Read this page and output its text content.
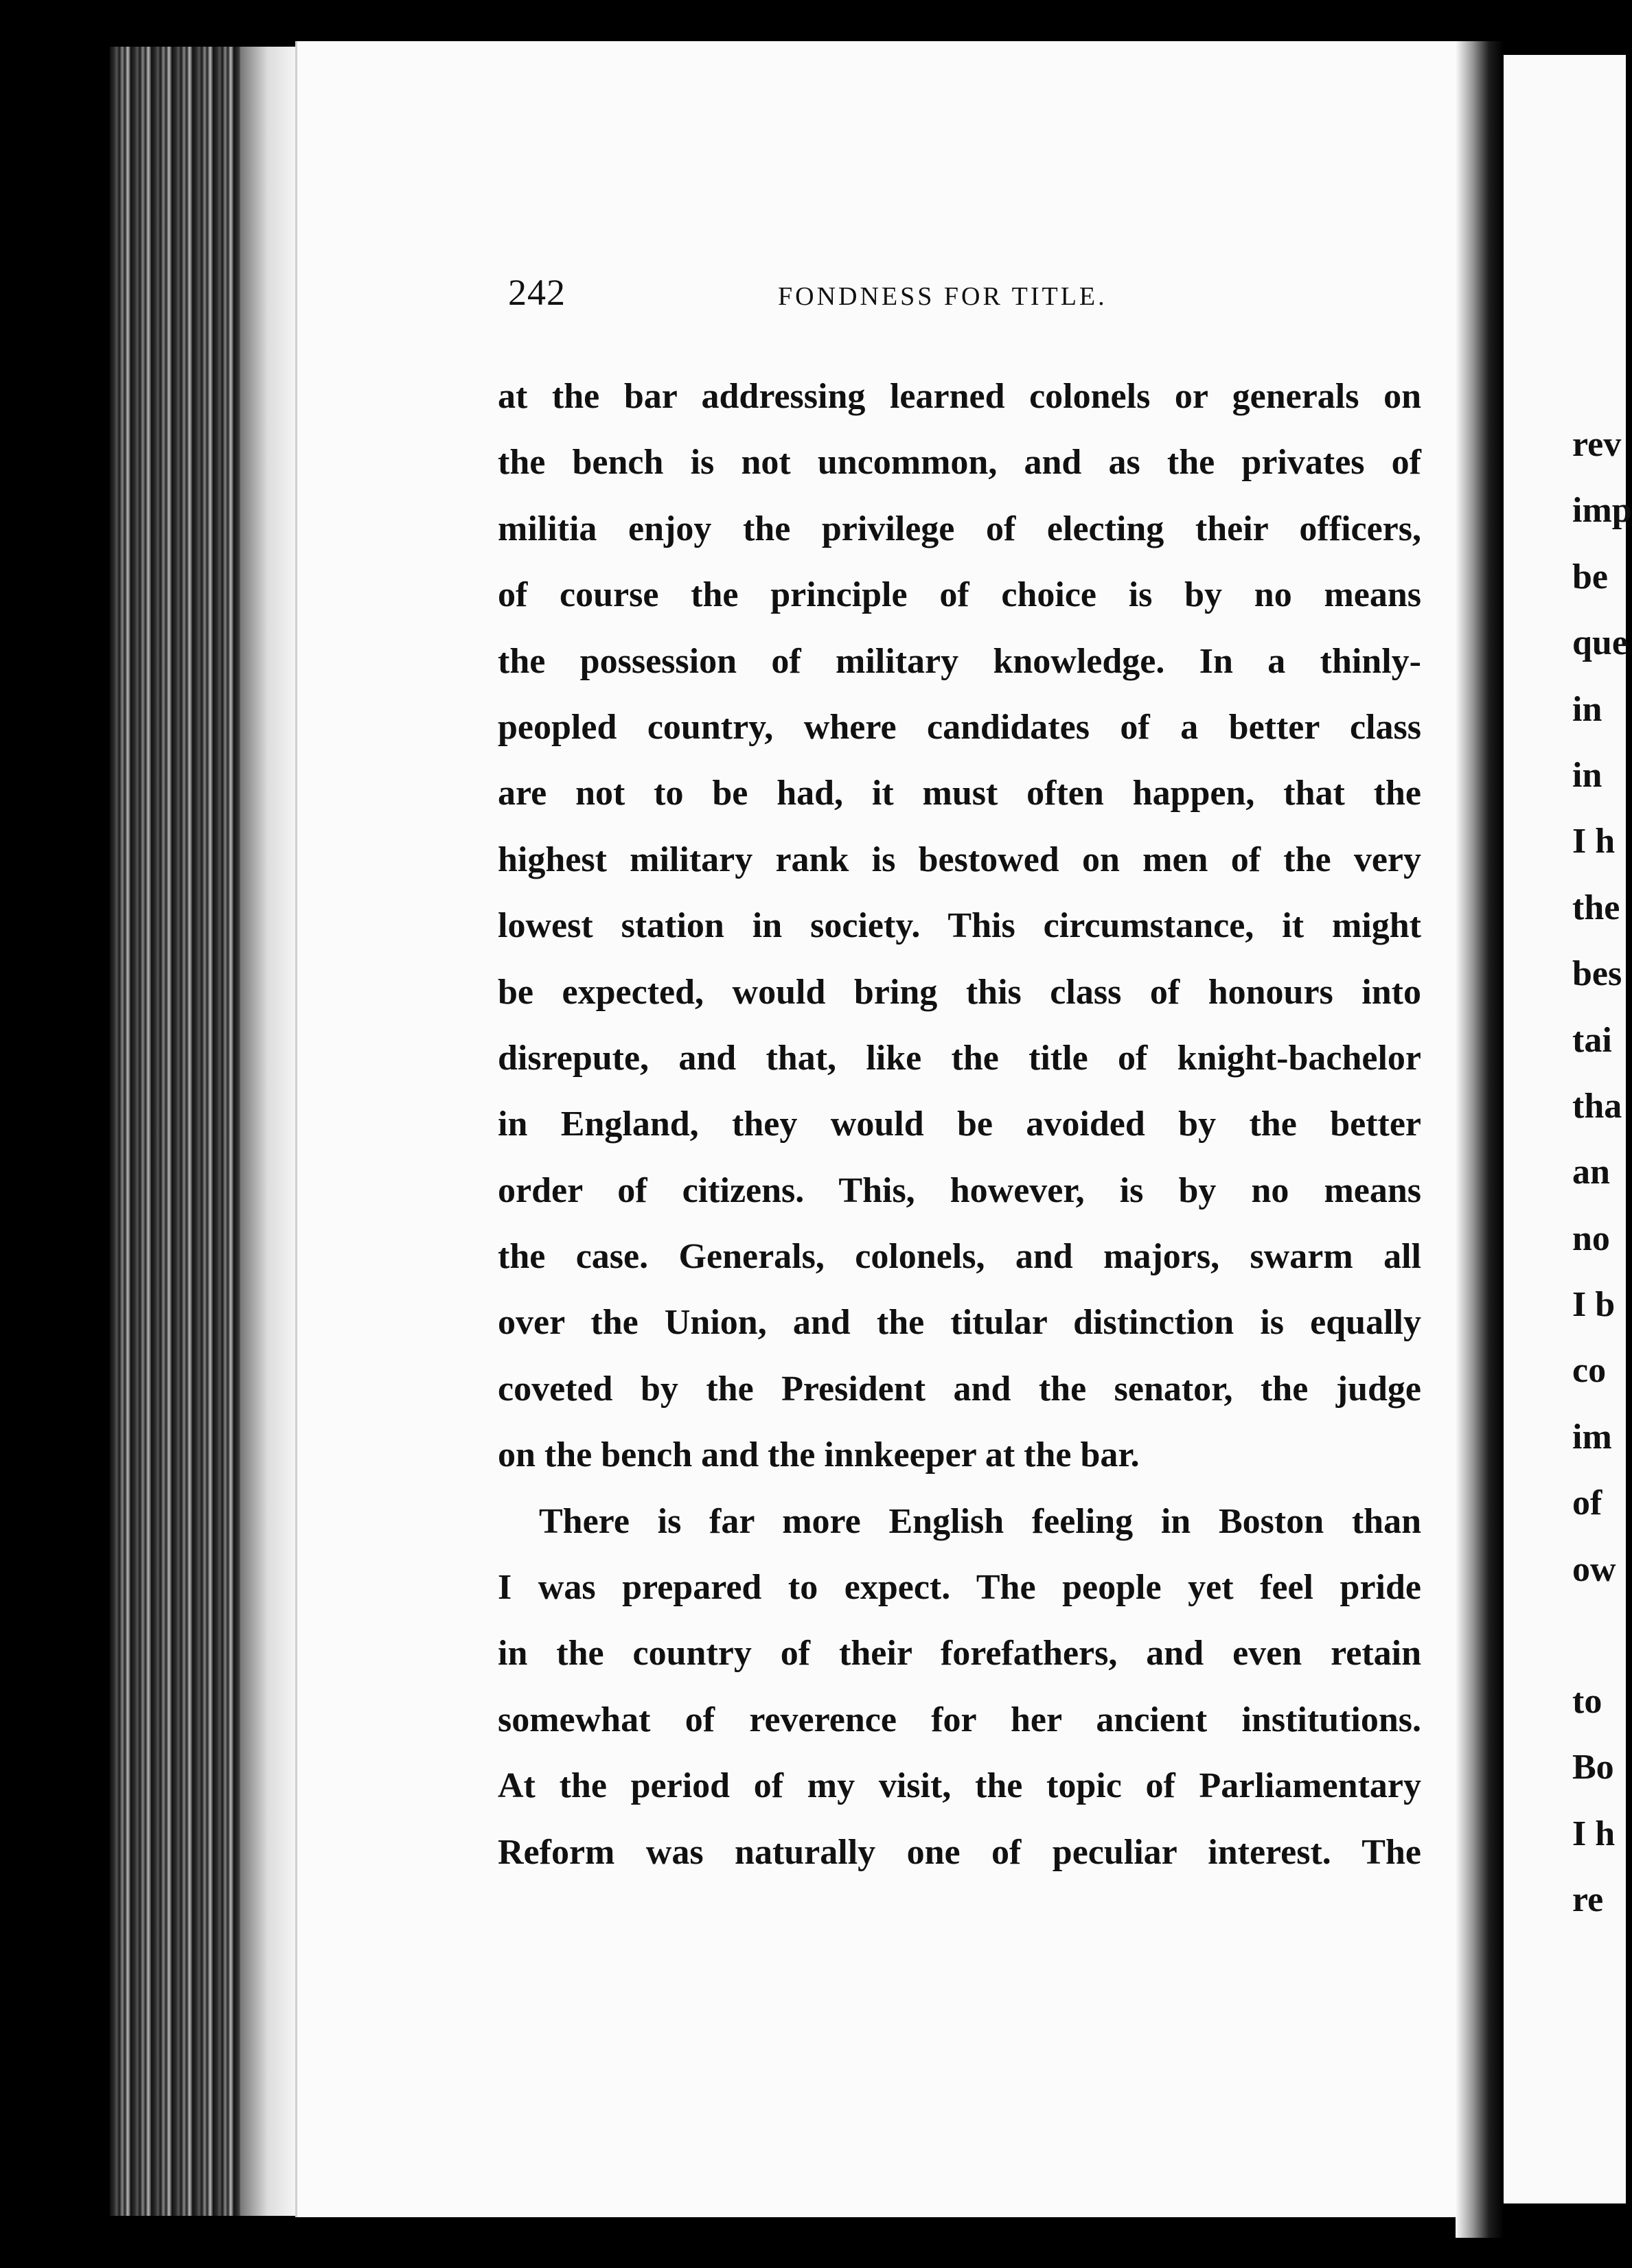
rev
imp
be
que
in
in
I h
the
bes
tai
tha
an
no
I b
co
im
of
ow
to
Bo
I h
re
242	FONDNESS FOR TITLE.
at the bar addressing learned colonels or generals on
the bench is not uncommon, and as the privates of
militia enjoy the privilege of electing their officers,
of course the principle of choice is by no means
the possession of military knowledge. In a thinly-
peopled country, where candidates of a better class
are not to be had, it must often happen, that the
highest military rank is bestowed on men of the very
lowest station in society. This circumstance, it might
be expected, would bring this class of honours into
disrepute, and that, like the title of knight-bachelor
in England, they would be avoided by the better
order of citizens. This, however, is by no means
the case. Generals, colonels, and majors, swarm all
over the Union, and the titular distinction is equally
coveted by the President and the senator, the judge
on the bench and the innkeeper at the bar.
There is far more English feeling in Boston than
I was prepared to expect. The people yet feel pride
in the country of their forefathers, and even retain
somewhat of reverence for her ancient institutions.
At the period of my visit, the topic of Parliamentary
Reform was naturally one of peculiar interest. The
